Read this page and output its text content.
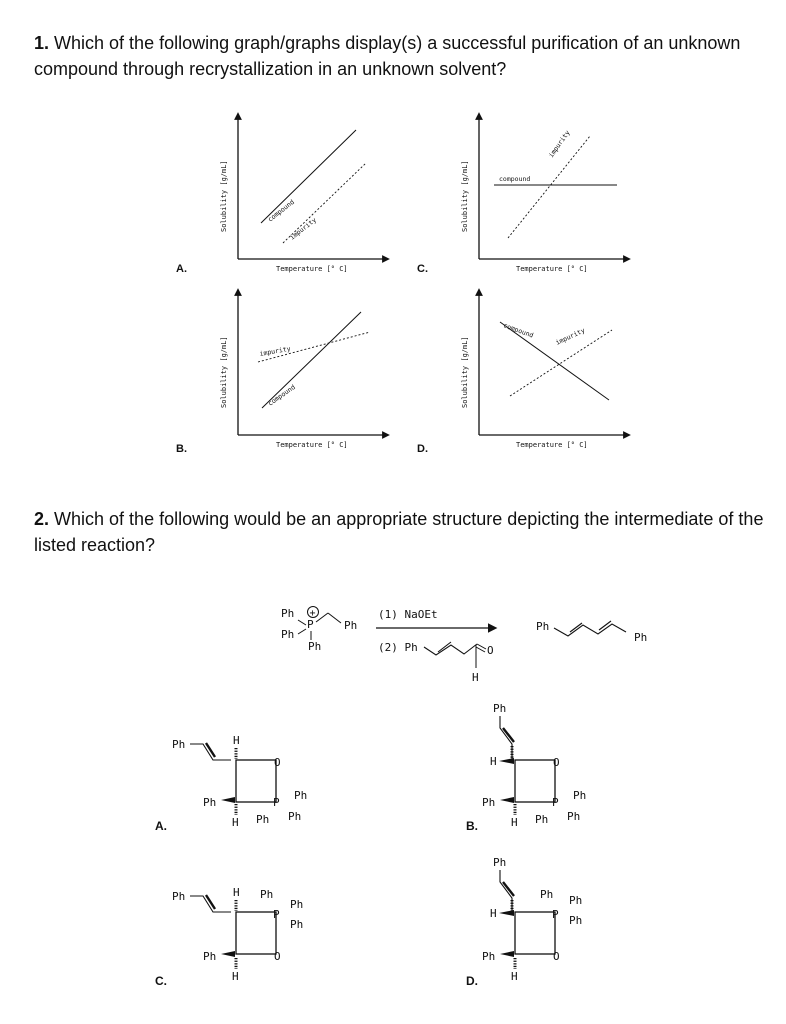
1. Which of the following graph/graphs display(s) a successful purification of an unknown compound through recrystallization in an unknown solvent?
Solubility [g/mL]
Temperature [° C]
compound
impurity
A.
Solubility [g/mL]
Temperature [° C]
compound
impurity
C.
Solubility [g/mL]
Temperature [° C]
impurity
compound
B.
Solubility [g/mL]
Temperature [° C]
compound	impurity
D.
2. Which of the following would be an appropriate structure depicting the intermediate of the listed reaction?
Ph +
P
Ph
Ph
Ph
(1) NaOEt
(2) Ph	O
H
Ph
Ph
Ph	H
O
P
Ph
H
Ph
Ph Ph
A.
Ph
H	O
P
Ph
H
Ph
Ph Ph
B.
Ph	H
P
O
Ph
H
Ph
Ph
Ph
C.
Ph
H	P
O
Ph
H
Ph Ph
Ph
D.
